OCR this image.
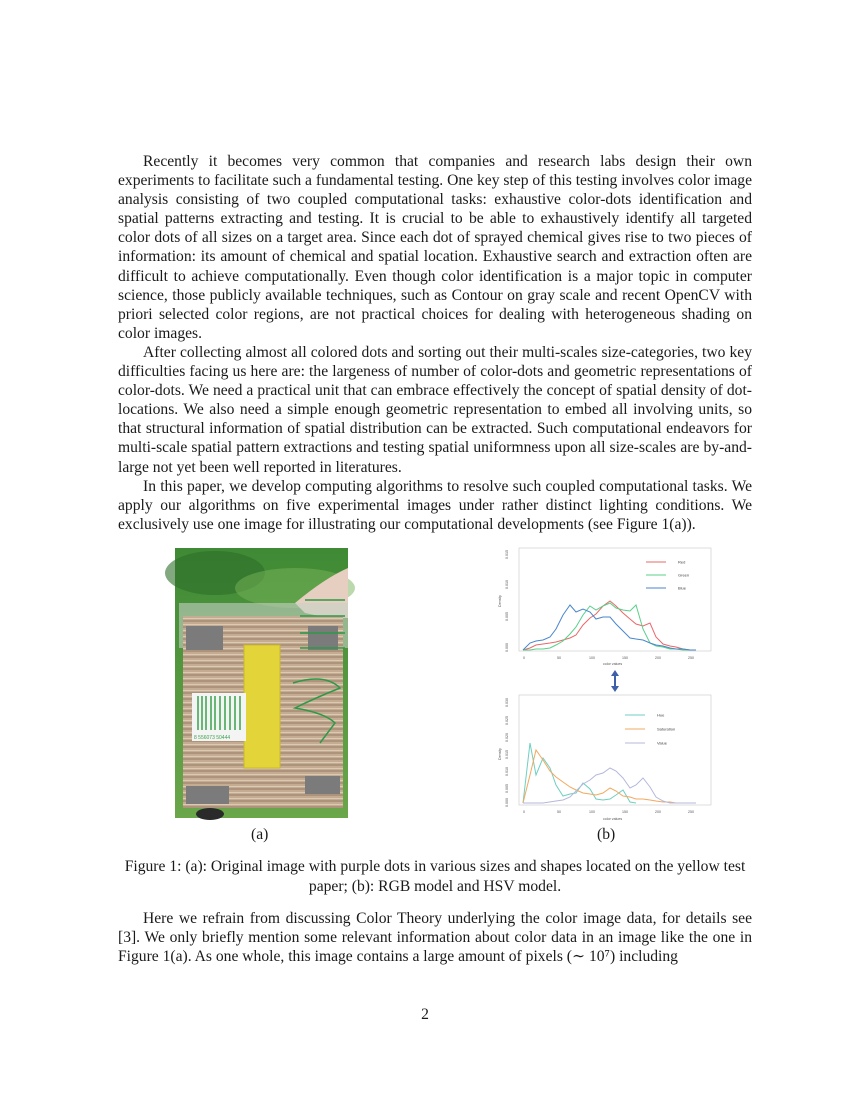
Recently it becomes very common that companies and research labs design their own experiments to facilitate such a fundamental testing. One key step of this testing involves color image analysis consisting of two coupled computational tasks: exhaustive color-dots identification and spatial patterns extracting and testing. It is crucial to be able to exhaustively identify all targeted color dots of all sizes on a target area. Since each dot of sprayed chemical gives rise to two pieces of information: its amount of chemical and spatial location. Exhaustive search and extraction often are difficult to achieve computationally. Even though color identification is a major topic in computer science, those publicly available techniques, such as Contour on gray scale and recent OpenCV with priori selected color regions, are not practical choices for dealing with heterogeneous shading on color images.

After collecting almost all colored dots and sorting out their multi-scales size-categories, two key difficulties facing us here are: the largeness of number of color-dots and geometric representations of color-dots. We need a practical unit that can embrace effectively the concept of spatial density of dot-locations. We also need a simple enough geometric representation to embed all involving units, so that structural information of spatial distribution can be extracted. Such computational endeavors for multi-scale spatial pattern extractions and testing spatial uniformness upon all size-scales are by-and-large not yet been well reported in literatures.

In this paper, we develop computing algorithms to resolve such coupled computational tasks. We apply our algorithms on five experimental images under rather distinct lighting conditions. We exclusively use one image for illustrating our computational developments (see Figure 1(a)).

8 556073 50444
0.015
0.010
0.005
0.000
Density
0	50	100	150	200	250
color values
Red
Green
Blue
0.030
0.025
0.020
0.015
0.010
0.005
0.000
Density
0	50	100	150	200	250
color values
Hue
Saturation
Value
(a)	(b)
Figure 1: (a): Original image with purple dots in various sizes and shapes located on the yellow test paper; (b): RGB model and HSV model.

Here we refrain from discussing Color Theory underlying the color image data, for details see [3]. We only briefly mention some relevant information about color data in an image like the one in Figure 1(a). As one whole, this image contains a large amount of pixels (∼ 10⁷) including

2
